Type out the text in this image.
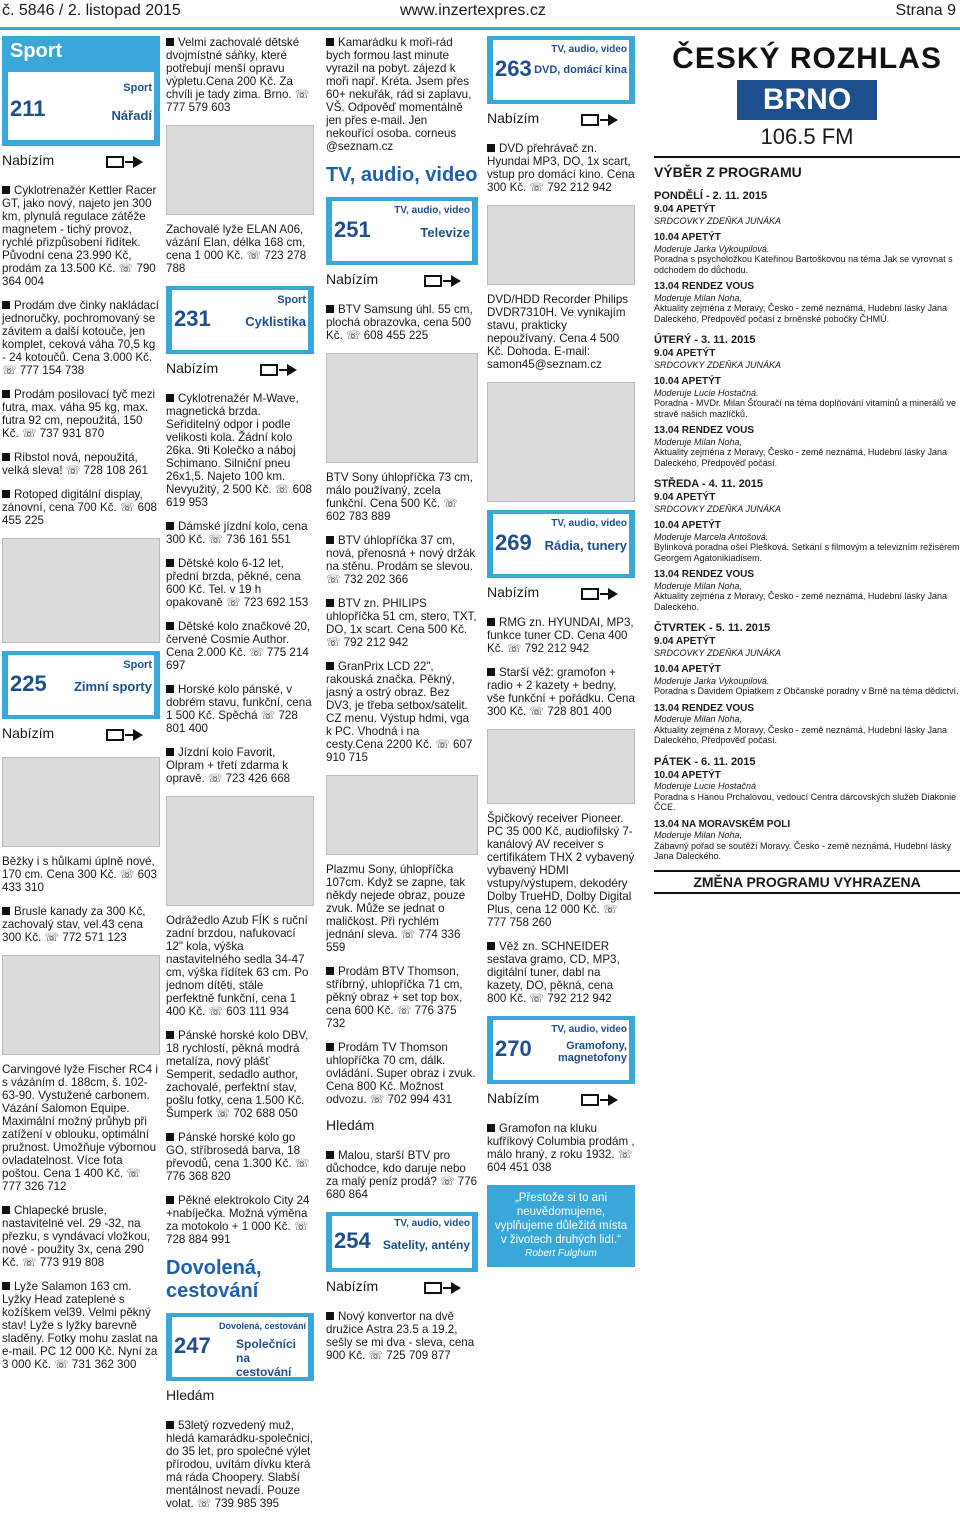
č. 5846 / 2. listopad 2015	www.inzertexpres.cz	Strana 9
Sport
211
Sport
Nářadí
Nabízím
Cyklotrenažér Kettler Racer GT, jako nový, najeto jen 300 km, plynulá regulace zátěže magnetem - tichý provoz, rychlé přizpůsobení řidítek. Původní cena 23.990 Kč, prodám za 13.500 Kč. ☏ 790 364 004
Prodám dve činky nakládací jednoručky, pochromovaný se závitem a další kotouče, jen komplet, ceková váha 70,5 kg - 24 kotoučů. Cena 3.000 Kč. ☏ 777 154 738
Prodám posilovací tyč mezi futra, max. váha 95 kg, max. futra 92 cm, nepoužitá, 150 Kč. ☏ 737 931 870
Ribstol nová, nepoužitá, velká sleva! ☏ 728 108 261
Rotoped digitální display, zánovní, cena 700 Kč. ☏ 608 455 225
225
Sport
Zimní sporty
Nabízím
Běžky i s hůlkami úplně nové, 170 cm. Cena 300 Kč. ☏ 603 433 310
Brusle kanady za 300 Kč, zachovalý stav, vel.43 cena 300 Kč. ☏ 772 571 123
Carvingové lyže Fischer RC4 i s vázáním d. 188cm, š. 102-63-90. Vystužené carbonem. Vázání Salomon Equipe. Maximální možný průhyb při zatížení v oblouku, optimální pružnost. Umožňuje výbornou ovladatelnost. Více fota poštou. Cena 1 400 Kč. ☏ 777 326 712
Chlapecké brusle, nastavitelné vel. 29 -32, na přezku, s vyndávací vložkou, nové - použity 3x, cena 290 Kč. ☏ 773 919 808
Lyže Salamon 163 cm. Lyžky Head zateplené s kožíškem vel39. Velmi pěkný stav! Lyže s lyžky barevně sladěny. Fotky mohu zaslat na e-mail. PC 12 000 Kč. Nyní za 3 000 Kč. ☏ 731 362 300
Velmi zachovalé dětské dvojmístné sáňky, které potřebují menší opravu výpletu.Cena 200 Kč. Za chvíli je tady zima. Brno. ☏ 777 579 603
Zachovalé lyže ELAN A06, vázání Elan, délka 168 cm, cena 1 000 Kč. ☏ 723 278 788
231
Sport
Cyklistika
Nabízím
Cyklotrenažér M-Wave, magnetická brzda. Seřiditelný odpor i podle velikosti kola. Žádní kolo 26ka. 9ti Kolečko a náboj Schimano. Silniční pneu 26x1,5. Najeto 100 km. Nevyužitý, 2 500 Kč. ☏ 608 619 953
Dámské jízdní kolo, cena 300 Kč. ☏ 736 161 551
Dětské kolo 6-12 let, přední brzda, pěkné, cena 600 Kč. Tel. v 19 h opakovaně ☏ 723 692 153
Dětské kolo značkové 20, červené Cosmie Author. Cena 2.000 Kč. ☏ 775 214 697
Horské kolo pánské, v dobrém stavu, funkční, cena 1 500 Kč. Spěchá ☏ 728 801 400
Jízdní kolo Favorit, Olpram + třetí zdarma k opravě. ☏ 723 426 668
Odrážedlo Azub FÍK s ruční zadní brzdou, nafukovací 12" kola, výška nastavitelného sedla 34-47 cm, výška řídítek 63 cm. Po jednom dítěti, stále perfektně funkční, cena 1 400 Kč. ☏ 603 111 934
Pánské horské kolo DBV, 18 rychlostí, pěkná modrá metalíza, nový plášť Semperit, sedadlo author, zachovalé, perfektní stav, pošlu fotky, cena 1.500 Kč. Šumperk ☏ 702 688 050
Pánské horské kolo go GO, stříbrosedá barva, 18 převodů, cena 1.300 Kč. ☏ 776 368 820
Pěkné elektrokolo City 24 +nabíječka. Možná výměna za motokolo + 1 000 Kč. ☏ 728 884 991
Dovolená, cestování
247
Dovolená, cestování
Společníci na cestování
Hledám
53letý rozvedený muž, hledá kamarádku-společnici, do 35 let, pro společné výlet přírodou, uvítám dívku která má ráda Choopery. Slabší mentálnost nevadí. Pouze volat. ☏ 739 985 395
Kamarádku k moři-rád bych formou last minute vyrazil na pobyt. zájezd k moři např. Kréta. Jsem přes 60+ nekuřák, rád si zaplavu, VŠ. Odpověď momentálně jen přes e-mail. Jen nekouřící osoba. corneus @seznam.cz
TV, audio, video
251
TV, audio, video
Televize
Nabízím
BTV Samsung úhl. 55 cm, plochá obrazovka, cena 500 Kč. ☏ 608 455 225
BTV Sony úhlopříčka 73 cm, málo používaný, zcela funkční. Cena 500 Kč. ☏ 602 783 889
BTV úhlopříčka 37 cm, nová, přenosná + nový držák na stěnu. Prodám se slevou. ☏ 732 202 366
BTV zn. PHILIPS uhlopříčka 51 cm, stero, TXT, DO, 1x scart. Cena 500 Kč. ☏ 792 212 942
GranPrix LCD 22", rakouská značka. Pěkný, jasný a ostrý obraz. Bez DV3, je třeba setbox/satelit. CZ menu. Výstup hdmi, vga k PC. Vhodná i na cesty.Cena 2200 Kč. ☏ 607 910 715
Plazmu Sony, úhlopříčka 107cm. Když se zapne, tak někdy nejede obraz, pouze zvuk. Může se jednat o maličkost. Při rychlém jednání sleva. ☏ 774 336 559
Prodám BTV Thomson, stříbrný, uhlopříčka 71 cm, pěkný obraz + set top box, cena 600 Kč. ☏ 776 375 732
Prodám TV Thomson uhlopříčka 70 cm, dálk. ovládání. Super obraz i zvuk. Cena 800 Kč. Možnost odvozu. ☏ 702 994 431
Hledám
Malou, starší BTV pro důchodce, kdo daruje nebo za malý peníz prodá? ☏ 776 680 864
254
TV, audio, video
Satelity, antény
Nabízím
Nový konvertor na dvě družice Astra 23.5 a 19.2, sešly se mi dva - sleva, cena 900 Kč. ☏ 725 709 877
263
TV, audio, video
DVD, domácí kina
Nabízím
DVD přehrávač zn. Hyundai MP3, DO, 1x scart, vstup pro domácí kino. Cena 300 Kč. ☏ 792 212 942
DVD/HDD Recorder Philips DVDR7310H. Ve vynikajím stavu, prakticky nepoužívaný. Cena 4 500 Kč. Dohoda. E-mail: samon45@seznam.cz
269
TV, audio, video
Rádia, tunery
Nabízím
RMG zn. HYUNDAI, MP3, funkce tuner CD. Cena 400 Kč. ☏ 792 212 942
Starší věž: gramofon + radio + 2 kazety + bedny, vše funkční + pořádku. Cena 300 Kč. ☏ 728 801 400
Špičkový receiver Pioneer. PC 35 000 Kč, audiofilský 7-kanálový AV receiver s certifikátem THX 2 vybavený vybavený HDMI vstupy/výstupem, dekodéry Dolby TrueHD, Dolby Digital Plus, cena 12 000 Kč. ☏ 777 758 260
Věž zn. SCHNEIDER sestava gramo, CD, MP3, digitální tuner, dabl na kazety, DO, pěkná, cena 800 Kč. ☏ 792 212 942
270
TV, audio, video
Gramofony, magnetofony
Nabízím
Gramofon na kluku kufříkový Columbia prodám , málo hraný, z roku 1932. ☏ 604 451 038
„Přestože si to ani neuvědomujeme, vyplňujeme důležitá místa v životech druhých lidí.“
Robert Fulghum
ČESKÝ ROZHLAS
BRNO
106.5 FM
VÝBĚR Z PROGRAMU
PONDĚLÍ - 2. 11. 2015
9.04 APETÝT
SRDCOVKY ZDEŇKA JUNÁKA

10.04 APETÝT
Moderuje Jarka Vykoupilová.
Poradna s psycholožkou Kateřinou Bartoškovou na téma Jak se vyrovnat s odchodem do důchodu.
13.04 RENDEZ VOUS
Moderuje Milan Noha,
Aktuality zejména z Moravy, Česko - země neznámá, Hudební lásky Jana Daleckého, Předpověď počasí z brněnské pobočky ČHMÚ.
ÚTERÝ - 3. 11. 2015
9.04 APETÝT
SRDCOVKY ZDEŇKA JUNÁKA

10.04 APETÝT
Moderuje Lucie Hostačná.
Poradna - MVDr. Milan Šťouračí na téma doplňování vitaminů a minerálů ve stravě našich mazlíčků.
13.04 RENDEZ VOUS
Moderuje Milan Noha,
Aktuality zejména z Moravy, Česko - země neznámá, Hudební lásky Jana Daleckého, Předpověď počasí.
STŘEDA - 4. 11. 2015
9.04 APETÝT
SRDCOVKY ZDEŇKA JUNÁKA

10.04 APETÝT
Moderuje Marcela Antošová.
Bylinková poradna ošeí Plešková. Setkání s filmovým a televizním režisérem Georgem Agatonikiadisem.
13.04 RENDEZ VOUS
Moderuje Milan Noha,
Aktuality zejména z Moravy, Česko - země neznámá, Hudební lásky Jana Daleckého.
ČTVRTEK - 5. 11. 2015
9.04 APETÝT
SRDCOVKY ZDEŇKA JUNÁKA

10.04 APETÝT
Moderuje Jarka Vykoupilová.
Poradna s Davidem Opiatkem z Občanské poradny v Brně na téma dědictví.
13.04 RENDEZ VOUS
Moderuje Milan Noha,
Aktuality zejména z Moravy, Česko - země neznámá, Hudební lásky Jana Daleckého, Předpověď počasí.
PÁTEK - 6. 11. 2015
10.04 APETÝT
Moderuje Lucie Hostačná
Poradna s Hanou Prchalovou, vedoucí Centra dárcovských služeb Diakonie ČCE.
13.04 NA MORAVSKÉM POLI
Moderuje Milan Noha,
Zábavný pořad se soutěží Moravy. Česko - země neznámá, Hudební lásky Jana Daleckého.
ZMĚNA PROGRAMU VYHRAZENA
